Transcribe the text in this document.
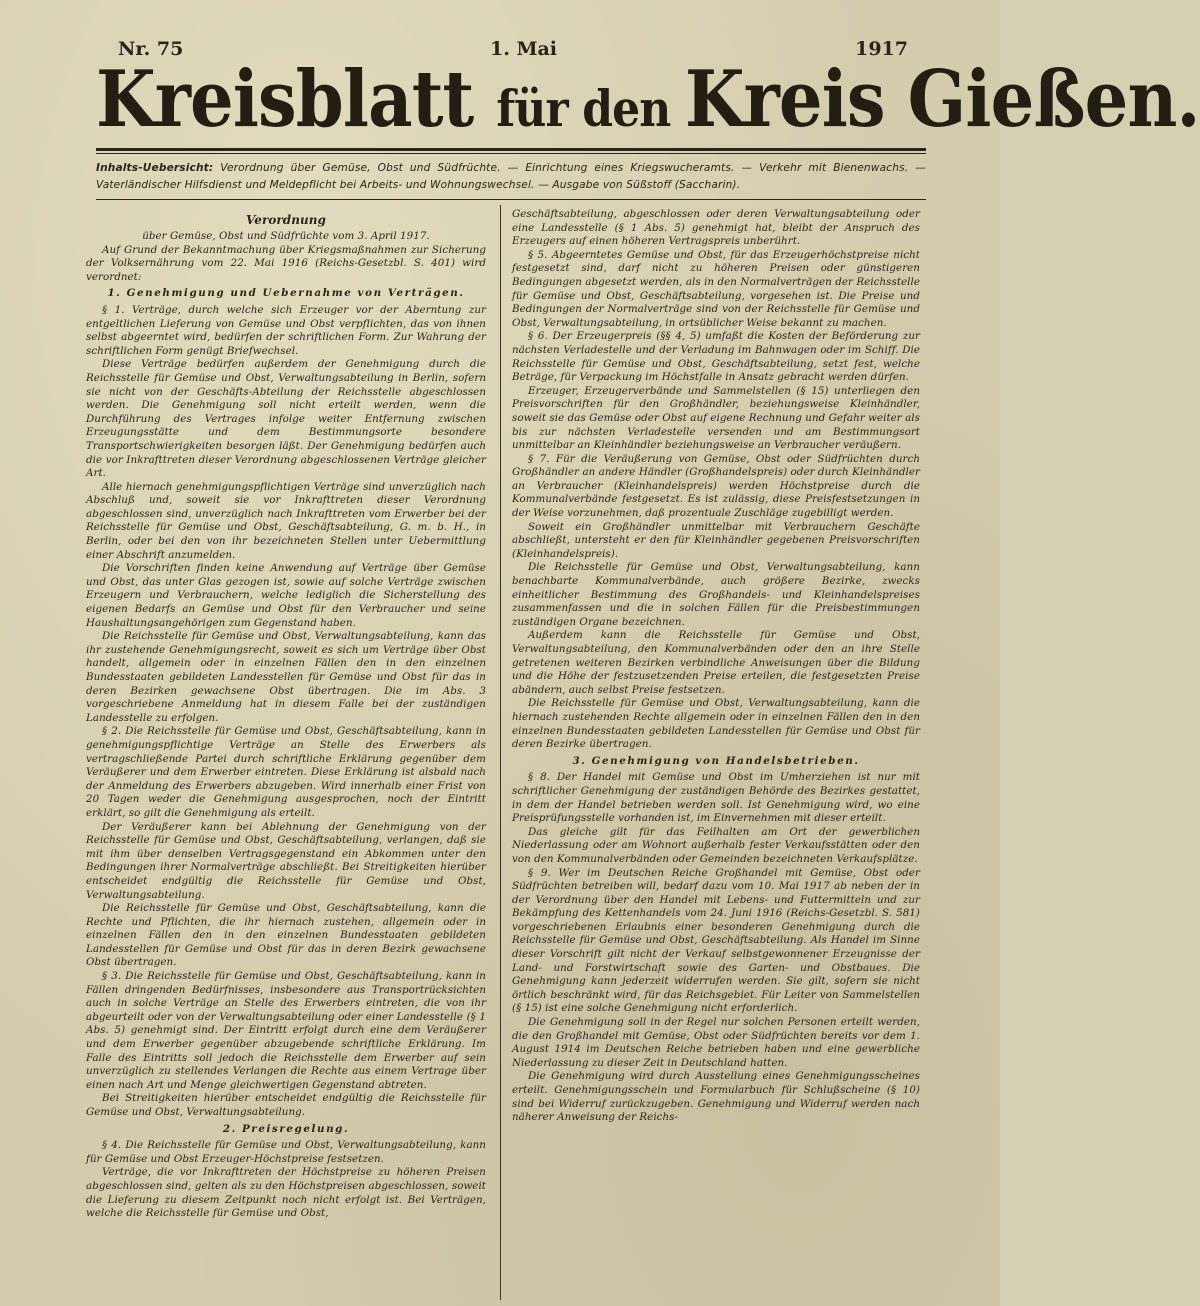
Nr. 75	1. Mai	1917
Kreisblatt für den Kreis Gießen.
Inhalts-Uebersicht: Verordnung über Gemüse, Obst und Südfrüchte. — Einrichtung eines Kriegswucheramts. — Verkehr mit Bienenwachs. — Vaterländischer Hilfsdienst und Meldepflicht bei Arbeits- und Wohnungswechsel. — Ausgabe von Süßstoff (Saccharin).

Verordnung

über Gemüse, Obst und Südfrüchte vom 3. April 1917.

Auf Grund der Bekanntmachung über Kriegsmaßnahmen zur Sicherung der Volksernährung vom 22. Mai 1916 (Reichs-Gesetzbl. S. 401) wird verordnet:

1. Genehmigung und Uebernahme von Verträgen.

§ 1. Verträge, durch welche sich Erzeuger vor der Aberntung zur entgeltlichen Lieferung von Gemüse und Obst verpflichten, das von ihnen selbst abgeerntet wird, bedürfen der schriftlichen Form. Zur Wahrung der schriftlichen Form genügt Briefwechsel.

Diese Verträge bedürfen außerdem der Genehmigung durch die Reichsstelle für Gemüse und Obst, Verwaltungsabteilung in Berlin, sofern sie nicht von der Geschäfts-Abteilung der Reichsstelle abgeschlossen werden. Die Genehmigung soll nicht erteilt werden, wenn die Durchführung des Vertrages infolge weiter Entfernung zwischen Erzeugungsstätte und dem Bestimmungsorte besondere Transportschwierigkeiten besorgen läßt. Der Genehmigung bedürfen auch die vor Inkrafttreten dieser Verordnung abgeschlossenen Verträge gleicher Art.

Alle hiernach genehmigungspflichtigen Verträge sind unverzüglich nach Abschluß und, soweit sie vor Inkrafttreten dieser Verordnung abgeschlossen sind, unverzüglich nach Inkrafttreten vom Erwerber bei der Reichsstelle für Gemüse und Obst, Geschäftsabteilung, G. m. b. H., in Berlin, oder bei den von ihr bezeichneten Stellen unter Uebermittlung einer Abschrift anzumelden.

Die Vorschriften finden keine Anwendung auf Verträge über Gemüse und Obst, das unter Glas gezogen ist, sowie auf solche Verträge zwischen Erzeugern und Verbrauchern, welche lediglich die Sicherstellung des eigenen Bedarfs an Gemüse und Obst für den Verbraucher und seine Haushaltungsangehörigen zum Gegenstand haben.

Die Reichsstelle für Gemüse und Obst, Verwaltungsabteilung, kann das ihr zustehende Genehmigungsrecht, soweit es sich um Verträge über Obst handelt, allgemein oder in einzelnen Fällen den in den einzelnen Bundesstaaten gebildeten Landesstellen für Gemüse und Obst für das in deren Bezirken gewachsene Obst übertragen. Die im Abs. 3 vorgeschriebene Anmeldung hat in diesem Falle bei der zuständigen Landesstelle zu erfolgen.

§ 2. Die Reichsstelle für Gemüse und Obst, Geschäftsabteilung, kann in genehmigungspflichtige Verträge an Stelle des Erwerbers als vertragschließende Partei durch schriftliche Erklärung gegenüber dem Veräußerer und dem Erwerber eintreten. Diese Erklärung ist alsbald nach der Anmeldung des Erwerbers abzugeben. Wird innerhalb einer Frist von 20 Tagen weder die Genehmigung ausgesprochen, noch der Eintritt erklärt, so gilt die Genehmigung als erteilt.

Der Veräußerer kann bei Ablehnung der Genehmigung von der Reichsstelle für Gemüse und Obst, Geschäftsabteilung, verlangen, daß sie mit ihm über denselben Vertragsgegenstand ein Abkommen unter den Bedingungen ihrer Normalverträge abschließt. Bei Streitigkeiten hierüber entscheidet endgültig die Reichsstelle für Gemüse und Obst, Verwaltungsabteilung.

Die Reichsstelle für Gemüse und Obst, Geschäftsabteilung, kann die Rechte und Pflichten, die ihr hiernach zustehen, allgemein oder in einzelnen Fällen den in den einzelnen Bundesstaaten gebildeten Landesstellen für Gemüse und Obst für das in deren Bezirk gewachsene Obst übertragen.

§ 3. Die Reichsstelle für Gemüse und Obst, Geschäftsabteilung, kann in Fällen dringenden Bedürfnisses, insbesondere aus Transportrücksichten auch in solche Verträge an Stelle des Erwerbers eintreten, die von ihr abgeurteilt oder von der Verwaltungsabteilung oder einer Landesstelle (§ 1 Abs. 5) genehmigt sind. Der Eintritt erfolgt durch eine dem Veräußerer und dem Erwerber gegenüber abzugebende schriftliche Erklärung. Im Falle des Eintritts soll jedoch die Reichsstelle dem Erwerber auf sein unverzüglich zu stellendes Verlangen die Rechte aus einem Vertrage über einen nach Art und Menge gleichwertigen Gegenstand abtreten.

Bei Streitigkeiten hierüber entscheidet endgültig die Reichsstelle für Gemüse und Obst, Verwaltungsabteilung.

2. Preisregelung.

§ 4. Die Reichsstelle für Gemüse und Obst, Verwaltungsabteilung, kann für Gemüse und Obst Erzeuger-Höchstpreise festsetzen.

Verträge, die vor Inkrafttreten der Höchstpreise zu höheren Preisen abgeschlossen sind, gelten als zu den Höchstpreisen abgeschlossen, soweit die Lieferung zu diesem Zeitpunkt noch nicht erfolgt ist. Bei Verträgen, welche die Reichsstelle für Gemüse und Obst,

Geschäftsabteilung, abgeschlossen oder deren Verwaltungsabteilung oder eine Landesstelle (§ 1 Abs. 5) genehmigt hat, bleibt der Anspruch des Erzeugers auf einen höheren Vertragspreis unberührt.

§ 5. Abgeerntetes Gemüse und Obst, für das Erzeugerhöchstpreise nicht festgesetzt sind, darf nicht zu höheren Preisen oder günstigeren Bedingungen abgesetzt werden, als in den Normalverträgen der Reichsstelle für Gemüse und Obst, Geschäftsabteilung, vorgesehen ist. Die Preise und Bedingungen der Normalverträge sind von der Reichsstelle für Gemüse und Obst, Verwaltungsabteilung, in ortsüblicher Weise bekannt zu machen.

§ 6. Der Erzeugerpreis (§§ 4, 5) umfaßt die Kosten der Beförderung zur nächsten Verladestelle und der Verladung im Bahnwagen oder im Schiff. Die Reichsstelle für Gemüse und Obst, Geschäftsabteilung, setzt fest, welche Beträge, für Verpackung im Höchstfalle in Ansatz gebracht werden dürfen.

Erzeuger, Erzeugerverbände und Sammelstellen (§ 15) unterliegen den Preisvorschriften für den Großhändler, beziehungsweise Kleinhändler, soweit sie das Gemüse oder Obst auf eigene Rechnung und Gefahr weiter als bis zur nächsten Verladestelle versenden und am Bestimmungsort unmittelbar an Kleinhändler beziehungsweise an Verbraucher veräußern.

§ 7. Für die Veräußerung von Gemüse, Obst oder Südfrüchten durch Großhändler an andere Händler (Großhandelspreis) oder durch Kleinhändler an Verbraucher (Kleinhandelspreis) werden Höchstpreise durch die Kommunalverbände festgesetzt. Es ist zulässig, diese Preisfestsetzungen in der Weise vorzunehmen, daß prozentuale Zuschläge zugebilligt werden.

Soweit ein Großhändler unmittelbar mit Verbrauchern Geschäfte abschließt, untersteht er den für Kleinhändler gegebenen Preisvorschriften (Kleinhandelspreis).

Die Reichsstelle für Gemüse und Obst, Verwaltungsabteilung, kann benachbarte Kommunalverbände, auch größere Bezirke, zwecks einheitlicher Bestimmung des Großhandels- und Kleinhandelspreises zusammenfassen und die in solchen Fällen für die Preisbestimmungen zuständigen Organe bezeichnen.

Außerdem kann die Reichsstelle für Gemüse und Obst, Verwaltungsabteilung, den Kommunalverbänden oder den an ihre Stelle getretenen weiteren Bezirken verbindliche Anweisungen über die Bildung und die Höhe der festzusetzenden Preise erteilen, die festgesetzten Preise abändern, auch selbst Preise festsetzen.

Die Reichsstelle für Gemüse und Obst, Verwaltungsabteilung, kann die hiernach zustehenden Rechte allgemein oder in einzelnen Fällen den in den einzelnen Bundesstaaten gebildeten Landesstellen für Gemüse und Obst für deren Bezirke übertragen.

3. Genehmigung von Handelsbetrieben.

§ 8. Der Handel mit Gemüse und Obst im Umherziehen ist nur mit schriftlicher Genehmigung der zuständigen Behörde des Bezirkes gestattet, in dem der Handel betrieben werden soll. Ist Genehmigung wird, wo eine Preisprüfungsstelle vorhanden ist, im Einvernehmen mit dieser erteilt.

Das gleiche gilt für das Feilhalten am Ort der gewerblichen Niederlassung oder am Wohnort außerhalb fester Verkaufsstätten oder den von den Kommunalverbänden oder Gemeinden bezeichneten Verkaufsplätze.

§ 9. Wer im Deutschen Reiche Großhandel mit Gemüse, Obst oder Südfrüchten betreiben will, bedarf dazu vom 10. Mai 1917 ab neben der in der Verordnung über den Handel mit Lebens- und Futtermitteln und zur Bekämpfung des Kettenhandels vom 24. Juni 1916 (Reichs-Gesetzbl. S. 581) vorgeschriebenen Erlaubnis einer besonderen Genehmigung durch die Reichsstelle für Gemüse und Obst, Geschäftsabteilung. Als Handel im Sinne dieser Vorschrift gilt nicht der Verkauf selbstgewonnener Erzeugnisse der Land- und Forstwirtschaft sowie des Garten- und Obstbaues. Die Genehmigung kann jederzeit widerrufen werden. Sie gilt, sofern sie nicht örtlich beschränkt wird, für das Reichsgebiet. Für Leiter von Sammelstellen (§ 15) ist eine solche Genehmigung nicht erforderlich.

Die Genehmigung soll in der Regel nur solchen Personen erteilt werden, die den Großhandel mit Gemüse, Obst oder Südfrüchten bereits vor dem 1. August 1914 im Deutschen Reiche betrieben haben und eine gewerbliche Niederlassung zu dieser Zeit in Deutschland hatten.

Die Genehmigung wird durch Ausstellung eines Genehmigungsscheines erteilt. Genehmigungsschein und Formularbuch für Schlußscheine (§ 10) sind bei Widerruf zurückzugeben. Genehmigung und Widerruf werden nach näherer Anweisung der Reichs-
